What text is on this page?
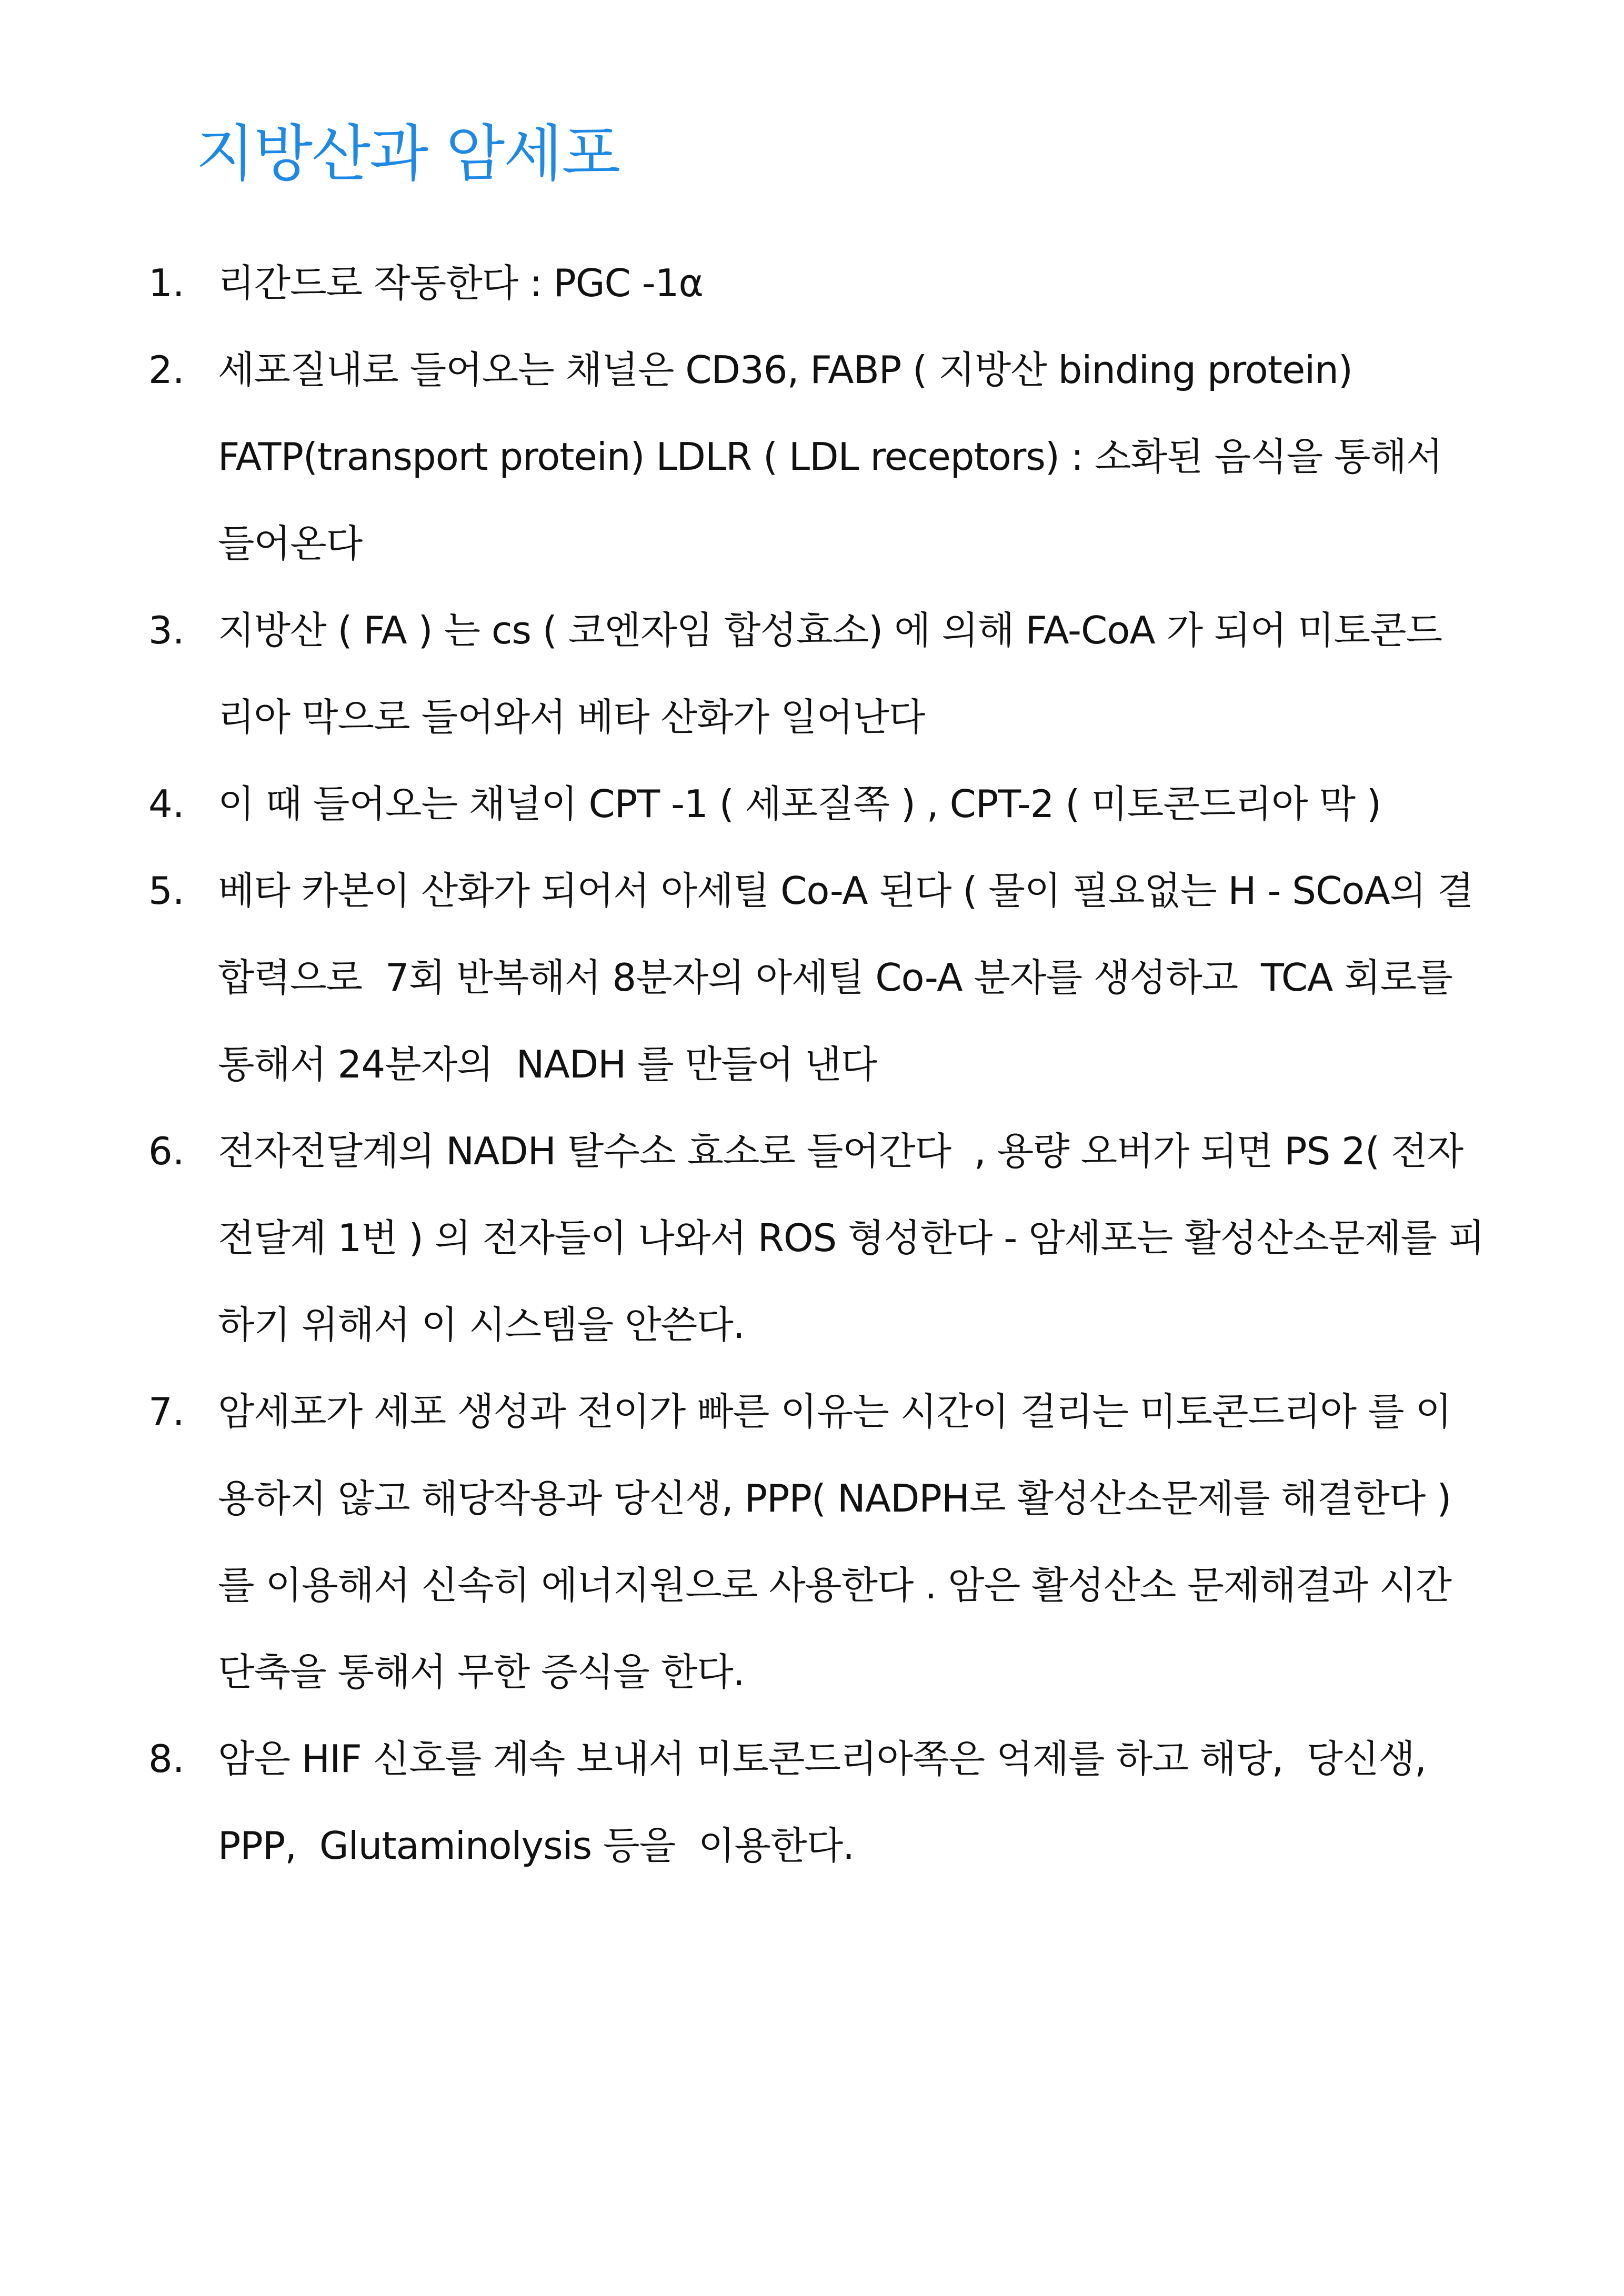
지방산과 암세포
1. 리간드로 작동한다 : PGC -1α
2. 세포질내로 들어오는 채널은 CD36, FABP ( 지방산 binding protein)
FATP(transport protein) LDLR ( LDL receptors) : 소화된 음식을 통해서
들어온다
3. 지방산 ( FA ) 는 cs ( 코엔자임 합성효소) 에 의해 FA-CoA 가 되어 미토콘드
리아 막으로 들어와서 베타 산화가 일어난다
4. 이 때 들어오는 채널이 CPT -1 ( 세포질쪽 ) , CPT-2 ( 미토콘드리아 막 )
5. 베타 카본이 산화가 되어서 아세틸 Co-A 된다 ( 물이 필요없는 H - SCoA의 결
합력으로  7회 반복해서 8분자의 아세틸 Co-A 분자를 생성하고  TCA 회로를
통해서 24분자의  NADH 를 만들어 낸다
6. 전자전달계의 NADH 탈수소 효소로 들어간다  , 용량 오버가 되면 PS 2( 전자
전달계 1번 ) 의 전자들이 나와서 ROS 형성한다 - 암세포는 활성산소문제를 피
하기 위해서 이 시스템을 안쓴다.
7. 암세포가 세포 생성과 전이가 빠른 이유는 시간이 걸리는 미토콘드리아 를 이
용하지 않고 해당작용과 당신생, PPP( NADPH로 활성산소문제를 해결한다 )
를 이용해서 신속히 에너지원으로 사용한다 . 암은 활성산소 문제해결과 시간
단축을 통해서 무한 증식을 한다.
8. 암은 HIF 신호를 계속 보내서 미토콘드리아쪽은 억제를 하고 해당,  당신생,
PPP,  Glutaminolysis 등을  이용한다.
